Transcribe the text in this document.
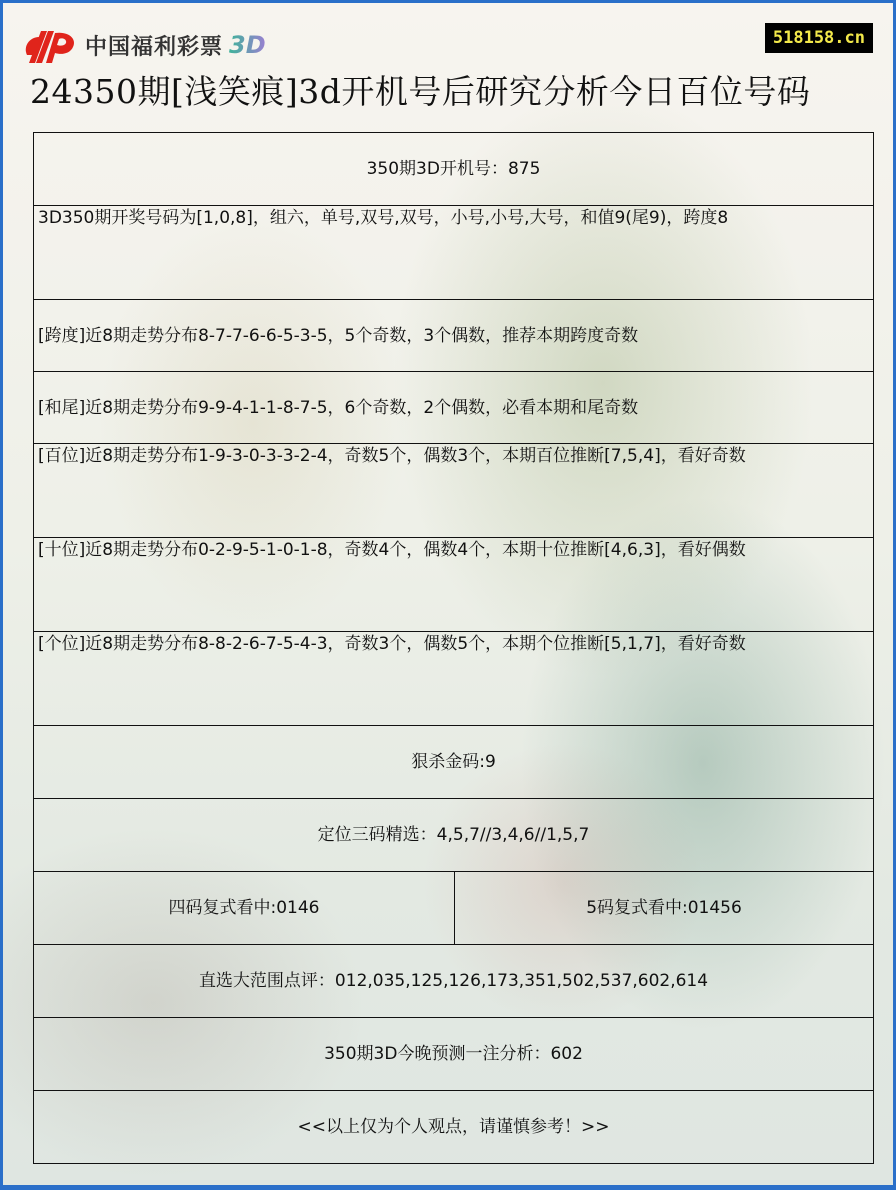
中国福利彩票 3D	518158.cn
24350期[浅笑痕]3d开机号后研究分析今日百位号码
350期3D开机号：875
3D350期开奖号码为[1,0,8]，组六，单号,双号,双号，小号,小号,大号，和值9(尾9)，跨度8
[跨度]近8期走势分布8-7-7-6-6-5-3-5，5个奇数，3个偶数，推荐本期跨度奇数
[和尾]近8期走势分布9-9-4-1-1-8-7-5，6个奇数，2个偶数，必看本期和尾奇数
[百位]近8期走势分布1-9-3-0-3-3-2-4，奇数5个，偶数3个，本期百位推断[7,5,4]，看好奇数
[十位]近8期走势分布0-2-9-5-1-0-1-8，奇数4个，偶数4个，本期十位推断[4,6,3]，看好偶数
[个位]近8期走势分布8-8-2-6-7-5-4-3，奇数3个，偶数5个，本期个位推断[5,1,7]，看好奇数
狠杀金码:9
定位三码精选：4,5,7//3,4,6//1,5,7
四码复式看中:0146	5码复式看中:01456
直选大范围点评：012,035,125,126,173,351,502,537,602,614
350期3D今晚预测一注分析：602
<<以上仅为个人观点，请谨慎参考！>>
